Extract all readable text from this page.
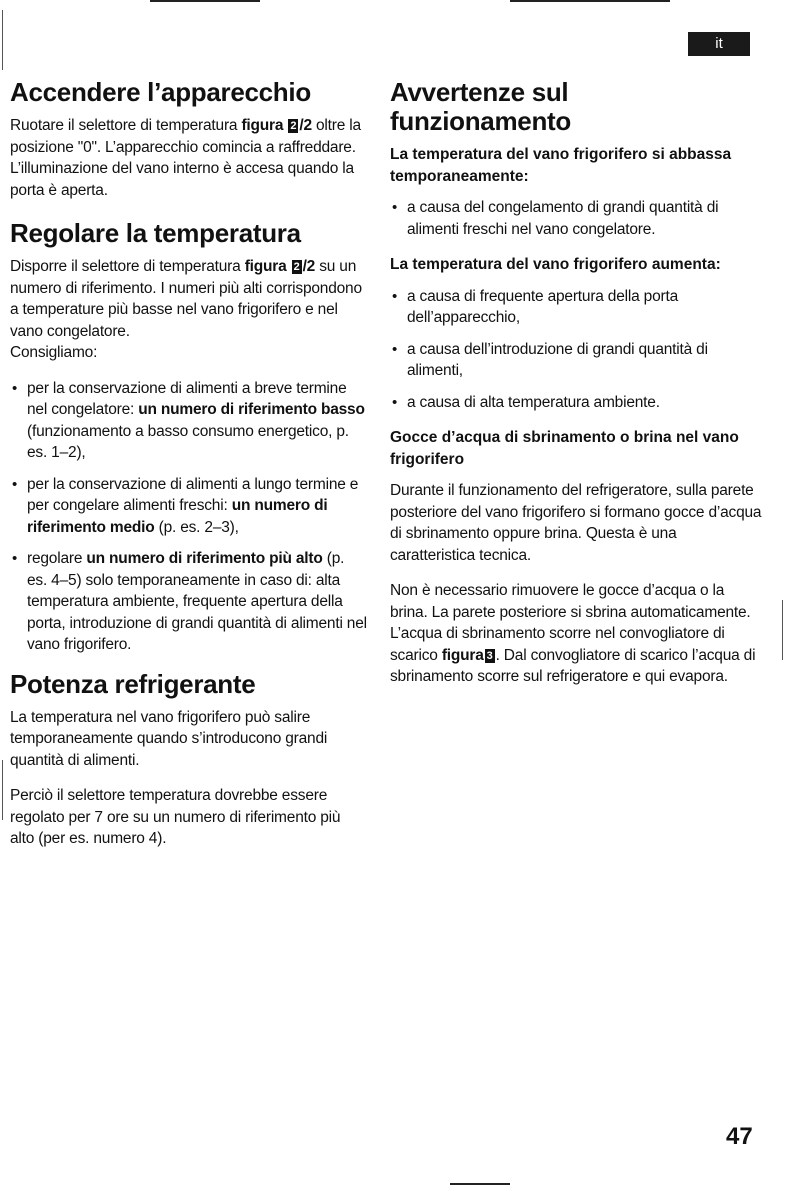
it
Accendere l’apparecchio

Ruotare il selettore di temperatura figura 2 /2 oltre la posizione "0". L’apparecchio comincia a raffreddare. L’illuminazione del vano interno è accesa quando la porta è aperta.

Regolare la temperatura

Disporre il selettore di temperatura figura 2 /2 su un numero di riferimento. I numeri più alti corrispondono a temperature più basse nel vano frigorifero e nel vano congelatore.

Consigliamo:

• per la conservazione di alimenti a breve termine nel congelatore: un numero di riferimento basso (funzionamento a basso consumo energetico, p. es. 1–2),
• per la conservazione di alimenti a lungo termine e per congelare alimenti freschi: un numero di riferimento medio (p. es. 2–3),
• regolare un numero di riferimento più alto (p. es. 4–5) solo temporaneamente in caso di: alta temperatura ambiente, frequente apertura della porta, introduzione di grandi quantità di alimenti nel vano frigorifero.
Potenza refrigerante

La temperatura nel vano frigorifero può salire temporaneamente quando s’introducono grandi quantità di alimenti.

Perciò il selettore temperatura dovrebbe essere regolato per 7 ore su un numero di riferimento più alto (per es. numero 4).

Avvertenze sul funzionamento

La temperatura del vano frigorifero si abbassa temporaneamente:

• a causa del congelamento di grandi quantità di alimenti freschi nel vano congelatore.

La temperatura del vano frigorifero aumenta:

• a causa di frequente apertura della porta dell’apparecchio,
• a causa dell’introduzione di grandi quantità di alimenti,
• a causa di alta temperatura ambiente.

Gocce d’acqua di sbrinamento o brina nel vano frigorifero

Durante il funzionamento del refrigeratore, sulla parete posteriore del vano frigorifero si formano gocce d’acqua di sbrinamento oppure brina. Questa è una caratteristica tecnica.

Non è necessario rimuovere le gocce d’acqua o la brina. La parete posteriore si sbrina automaticamente. L’acqua di sbrinamento scorre nel convogliatore di scarico figura 3 . Dal convogliatore di scarico l’acqua di sbrinamento scorre sul refrigeratore e qui evapora.

47
